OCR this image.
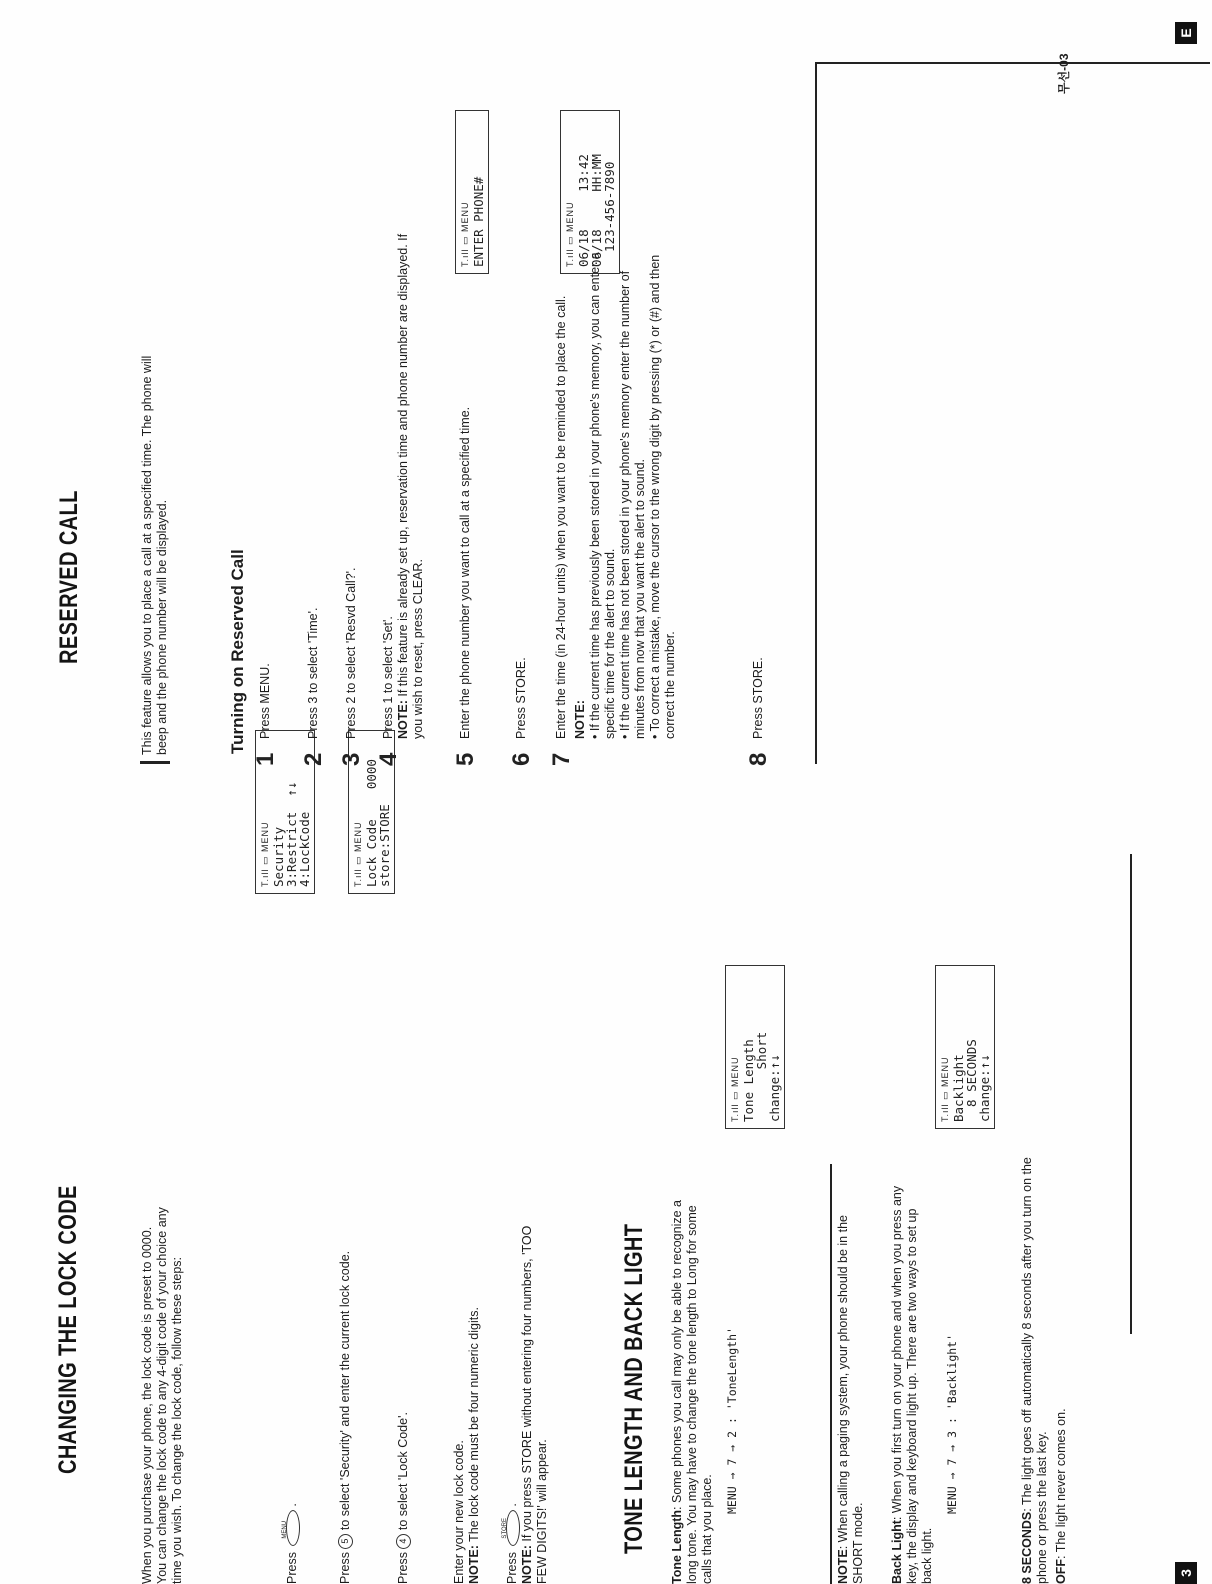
CHANGING THE LOCK CODE	When you purchase your phone, the lock code is preset to 0000. You can change the lock code to any 4-digit code of your choice any time you wish. To change the lock code, follow these steps:	Press
MENU
.

Press 5 to select 'Security' and enter the current lock code.

Press 4 to select 'Lock Code'.	Enter your new lock code. NOTE: The lock code must be four numeric digits.

Press
STORE
.

NOTE: If you press STORE without entering four numbers, 'TOO FEW DIGITS!' will appear.

T.ıll ▭ MENU Security
3:Restrict  ↑↓
4:LockCode	T.ıll ▭ MENU Lock Code    0000
store:STORE
TONE LENGTH AND BACK LIGHT Tone Length: Some phones you call may only be able to recognize a long tone. You may have to change the tone length to Long for some calls that you place.

MENU → 7 → 2 : 'ToneLength'

T.ıll ▭ MENU Tone Length
Short
change:↑↓

NOTE: When calling a paging system, your phone should be in the SHORT mode. Back Light: When you first turn on your phone and when you press any key, the display and keyboard light up. There are two ways to set up back light.

MENU → 7 → 3 : 'Backlight'

T.ıll ▭ MENU Backlight
8 SECONDS
change:↑↓

8 SECONDS: The light goes off automatically 8 seconds after you turn on the phone or press the last key. OFF: The light never comes on.

3
RESERVED CALL	This feature allows you to place a call at a specified time. The phone will beep and the phone number will be displayed.	Turning on Reserved Call
1

Press MENU.

2

Press 3 to select 'Time'.

3

Press 2 to select 'Resvd Call?'.

4

Press 1 to select 'Set'. NOTE: If this feature is already set up, reservation time and phone number are displayed. If you wish to reset, press CLEAR.

5

Enter the phone number you want to call at a specified time.

6

Press STORE.

7

Enter the time (in 24-hour units) when you want to be reminded to place the call. NOTE: • If the current time has previously been stored in your phone's memory, you can enter a specific time for the alert to sound. • If the current time has not been stored in your phone's memory enter the number of minutes from now that you want the alert to sound. • To correct a mistake, move the cursor to the wrong digit by pressing (*) or (#) and then correct the number.

8

Press STORE.

T.ıll ▭ MENU ENTER PHONE#	T.ıll ▭ MENU 06/18     13:42
06/18     HH:MM
123-456-7890
무선-03
E
